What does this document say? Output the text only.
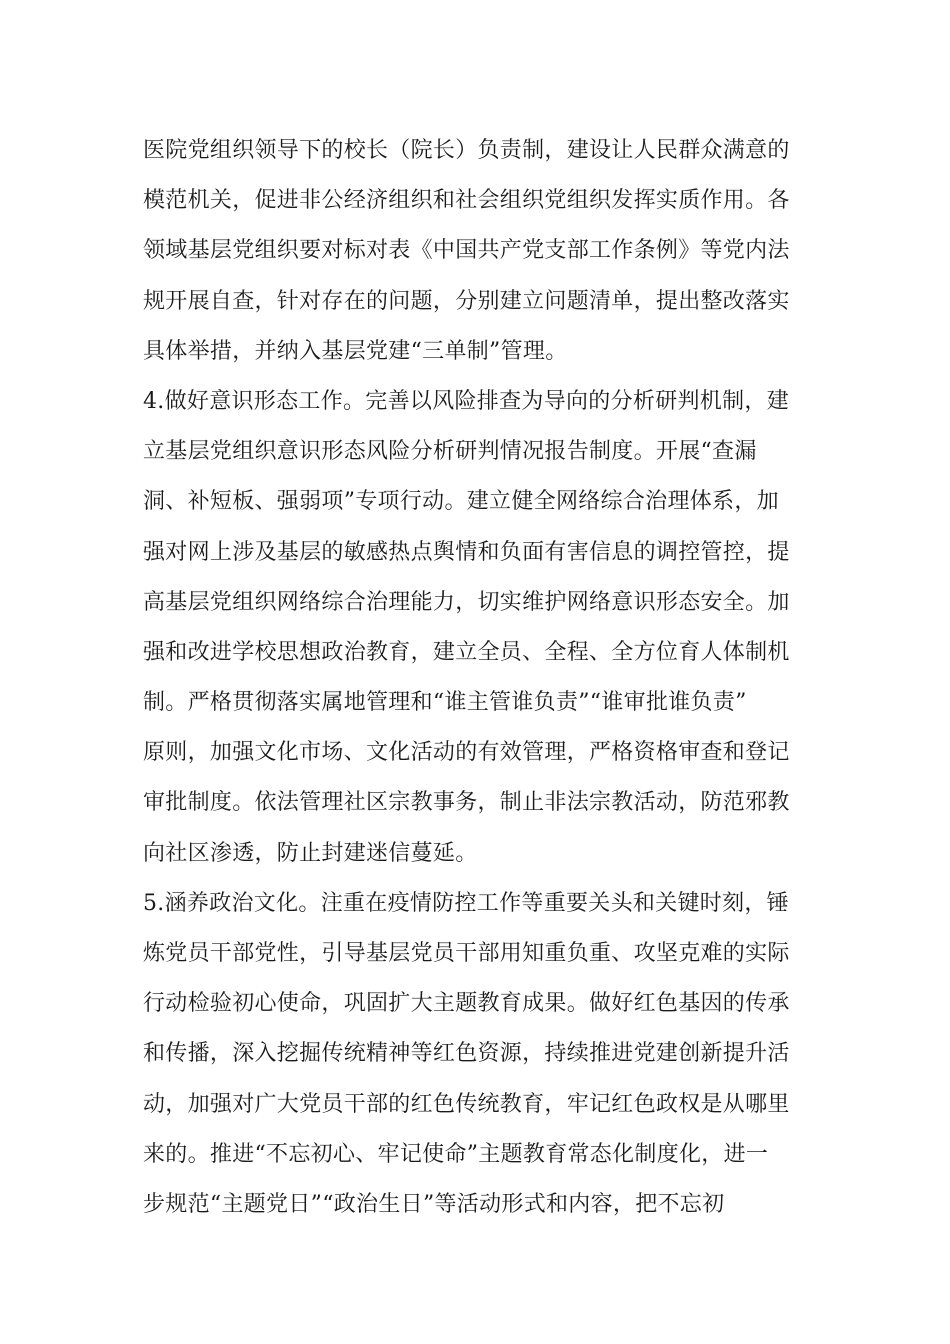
医院党组织领导下的校长（院长）负责制，建设让人民群众满意的
模范机关，促进非公经济组织和社会组织党组织发挥实质作用。各
领域基层党组织要对标对表《中国共产党支部工作条例》等党内法
规开展自查，针对存在的问题，分别建立问题清单，提出整改落实
具体举措，并纳入基层党建“三单制”管理。
4.做好意识形态工作。完善以风险排查为导向的分析研判机制，建
立基层党组织意识形态风险分析研判情况报告制度。开展“查漏
洞、补短板、强弱项”专项行动。建立健全网络综合治理体系，加
强对网上涉及基层的敏感热点舆情和负面有害信息的调控管控，提
高基层党组织网络综合治理能力，切实维护网络意识形态安全。加
强和改进学校思想政治教育，建立全员、全程、全方位育人体制机
制。严格贯彻落实属地管理和“谁主管谁负责”“谁审批谁负责”
原则，加强文化市场、文化活动的有效管理，严格资格审查和登记
审批制度。依法管理社区宗教事务，制止非法宗教活动，防范邪教
向社区渗透，防止封建迷信蔓延。
5.涵养政治文化。注重在疫情防控工作等重要关头和关键时刻，锤
炼党员干部党性，引导基层党员干部用知重负重、攻坚克难的实际
行动检验初心使命，巩固扩大主题教育成果。做好红色基因的传承
和传播，深入挖掘传统精神等红色资源，持续推进党建创新提升活
动，加强对广大党员干部的红色传统教育，牢记红色政权是从哪里
来的。推进“不忘初心、牢记使命”主题教育常态化制度化，进一
步规范“主题党日”“政治生日”等活动形式和内容，把不忘初
